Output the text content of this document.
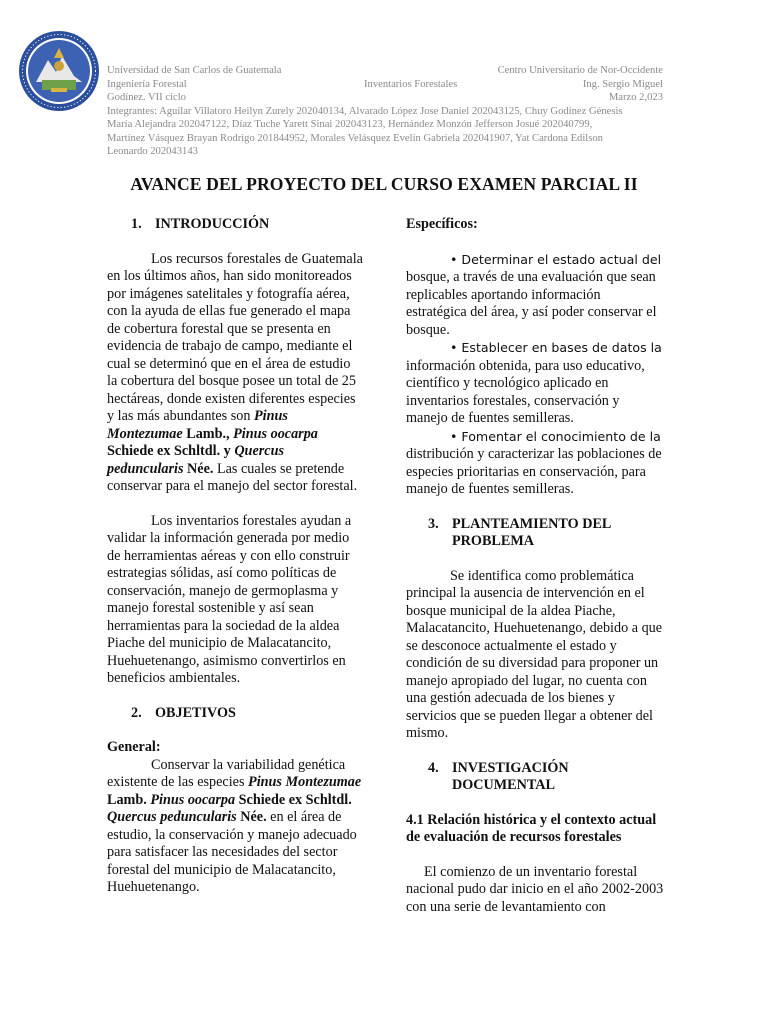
Universidad de San Carlos de Guatemala	Centro Universitario de Nor-Occidente
Ingeniería Forestal	Inventarios Forestales	Ing. Sergio Miguel
Godínez. VII ciclo	Marzo 2,023
Integrantes: Aguilar Villatoro Heilyn Zurely 202040134, Alvarado López Jose Daniel 202043125, Chuy Godínez Génesis
María Alejandra 202047122, Díaz Tuche Yarett Sinai 202043123, Hernández Monzón Jefferson Josué 202040799,
Martínez Vásquez Brayan Rodrigo 201844952, Morales Velásquez Evelin Gabriela 202041907, Yat Cardona Edilson
Leonardo 202043143
AVANCE DEL PROYECTO DEL CURSO EXAMEN PARCIAL II
1. INTRODUCCIÓN

Los recursos forestales de Guatemala en los últimos años, han sido monitoreados por imágenes satelitales y fotografía aérea, con la ayuda de ellas fue generado el mapa de cobertura forestal que se presenta en evidencia de trabajo de campo, mediante el cual se determinó que en el área de estudio la cobertura del bosque posee un total de 25 hectáreas, donde existen diferentes especies y las más abundantes son Pinus Montezumae Lamb., Pinus oocarpa Schiede ex Schltdl. y Quercus peduncularis Née. Las cuales se pretende conservar para el manejo del sector forestal.

Los inventarios forestales ayudan a validar la información generada por medio de herramientas aéreas y con ello construir estrategias sólidas, así como políticas de conservación, manejo de germoplasma y manejo forestal sostenible y así sean herramientas para la sociedad de la aldea Piache del municipio de Malacatancito, Huehuetenango, asimismo convertirlos en beneficios ambientales.

2. OBJETIVOS

General:

Conservar la variabilidad genética existente de las especies Pinus Montezumae Lamb. Pinus oocarpa Schiede ex Schltdl. Quercus peduncularis Née. en el área de estudio, la conservación y manejo adecuado para satisfacer las necesidades del sector forestal del municipio de Malacatancito, Huehuetenango.

Específicos:

• Determinar el estado actual del bosque, a través de una evaluación que sean replicables aportando información estratégica del área, y así poder conservar el bosque.

• Establecer en bases de datos la información obtenida, para uso educativo, científico y tecnológico aplicado en inventarios forestales, conservación y manejo de fuentes semilleras.

• Fomentar el conocimiento de la distribución y caracterizar las poblaciones de especies prioritarias en conservación, para manejo de fuentes semilleras.

3. PLANTEAMIENTO DEL PROBLEMA

Se identifica como problemática principal la ausencia de intervención en el bosque municipal de la aldea Piache, Malacatancito, Huehuetenango, debido a que se desconoce actualmente el estado y condición de su diversidad para proponer un manejo apropiado del lugar, no cuenta con una gestión adecuada de los bienes y servicios que se pueden llegar a obtener del mismo.

4. INVESTIGACIÓN DOCUMENTAL

4.1 Relación histórica y el contexto actual de evaluación de recursos forestales

El comienzo de un inventario forestal nacional pudo dar inicio en el año 2002-2003 con una serie de levantamiento con
